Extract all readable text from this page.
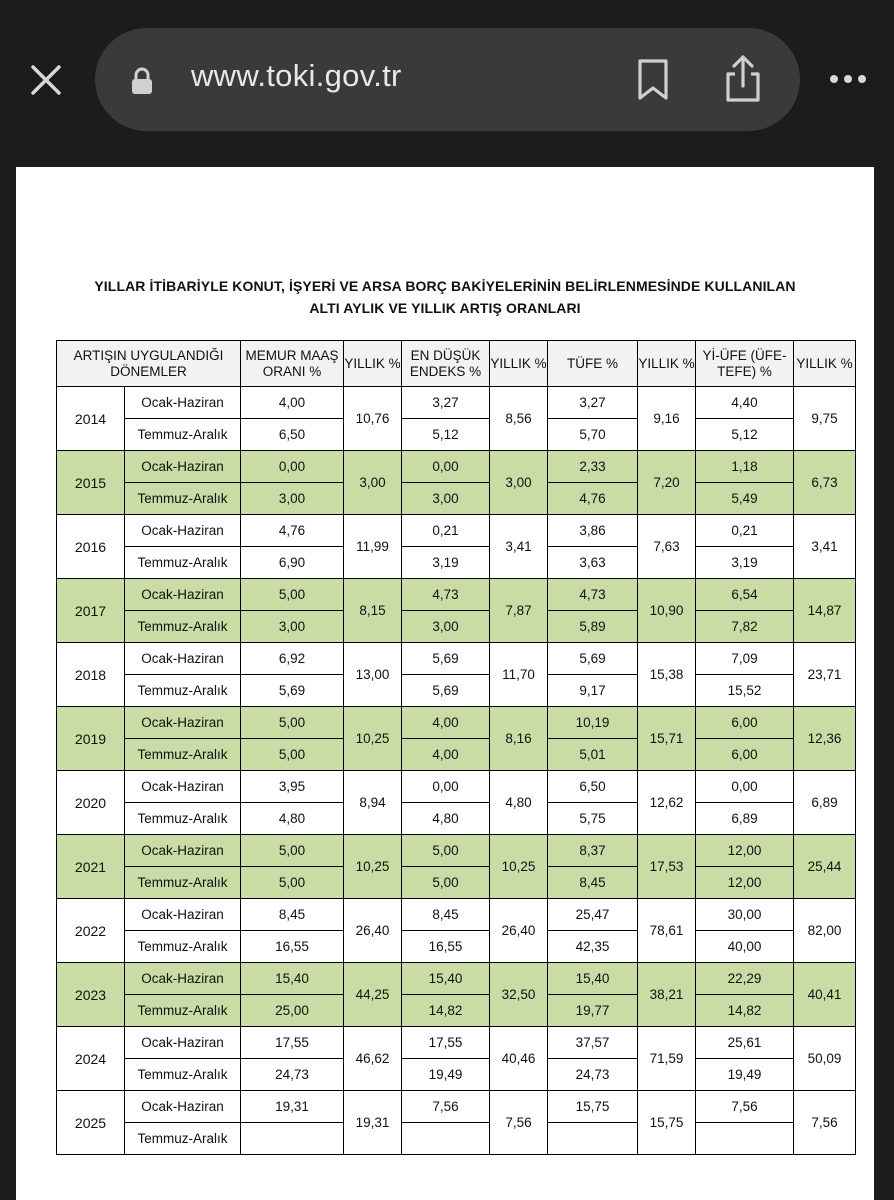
www.toki.gov.tr
YILLAR İTİBARİYLE KONUT, İŞYERİ VE ARSA BORÇ BAKİYELERİNİN BELİRLENMESİNDE KULLANILAN
ALTI AYLIK VE YILLIK ARTIŞ ORANLARI
ARTIŞIN UYGULANDIĞI DÖNEMLER		MEMUR MAAŞ ORANI %	YILLIK %	EN DÜŞÜK ENDEKS %	YILLIK %	TÜFE %	YILLIK %	Yİ-ÜFE (ÜFE-TEFE) %	YILLIK %
2014	Ocak-Haziran	4,00	10,76	3,27	8,56	3,27	9,16	4,40	9,75
	Temmuz-Aralık	6,50		5,12		5,70		5,12	
2015	Ocak-Haziran	0,00	3,00	0,00	3,00	2,33	7,20	1,18	6,73
	Temmuz-Aralık	3,00		3,00		4,76		5,49	
2016	Ocak-Haziran	4,76	11,99	0,21	3,41	3,86	7,63	0,21	3,41
	Temmuz-Aralık	6,90		3,19		3,63		3,19	
2017	Ocak-Haziran	5,00	8,15	4,73	7,87	4,73	10,90	6,54	14,87
	Temmuz-Aralık	3,00		3,00		5,89		7,82	
2018	Ocak-Haziran	6,92	13,00	5,69	11,70	5,69	15,38	7,09	23,71
	Temmuz-Aralık	5,69		5,69		9,17		15,52	
2019	Ocak-Haziran	5,00	10,25	4,00	8,16	10,19	15,71	6,00	12,36
	Temmuz-Aralık	5,00		4,00		5,01		6,00	
2020	Ocak-Haziran	3,95	8,94	0,00	4,80	6,50	12,62	0,00	6,89
	Temmuz-Aralık	4,80		4,80		5,75		6,89	
2021	Ocak-Haziran	5,00	10,25	5,00	10,25	8,37	17,53	12,00	25,44
	Temmuz-Aralık	5,00		5,00		8,45		12,00	
2022	Ocak-Haziran	8,45	26,40	8,45	26,40	25,47	78,61	30,00	82,00
	Temmuz-Aralık	16,55		16,55		42,35		40,00	
2023	Ocak-Haziran	15,40	44,25	15,40	32,50	15,40	38,21	22,29	40,41
	Temmuz-Aralık	25,00		14,82		19,77		14,82	
2024	Ocak-Haziran	17,55	46,62	17,55	40,46	37,57	71,59	25,61	50,09
	Temmuz-Aralık	24,73		19,49		24,73		19,49	
2025	Ocak-Haziran	19,31	19,31	7,56	7,56	15,75	15,75	7,56	7,56
	Temmuz-Aralık								
